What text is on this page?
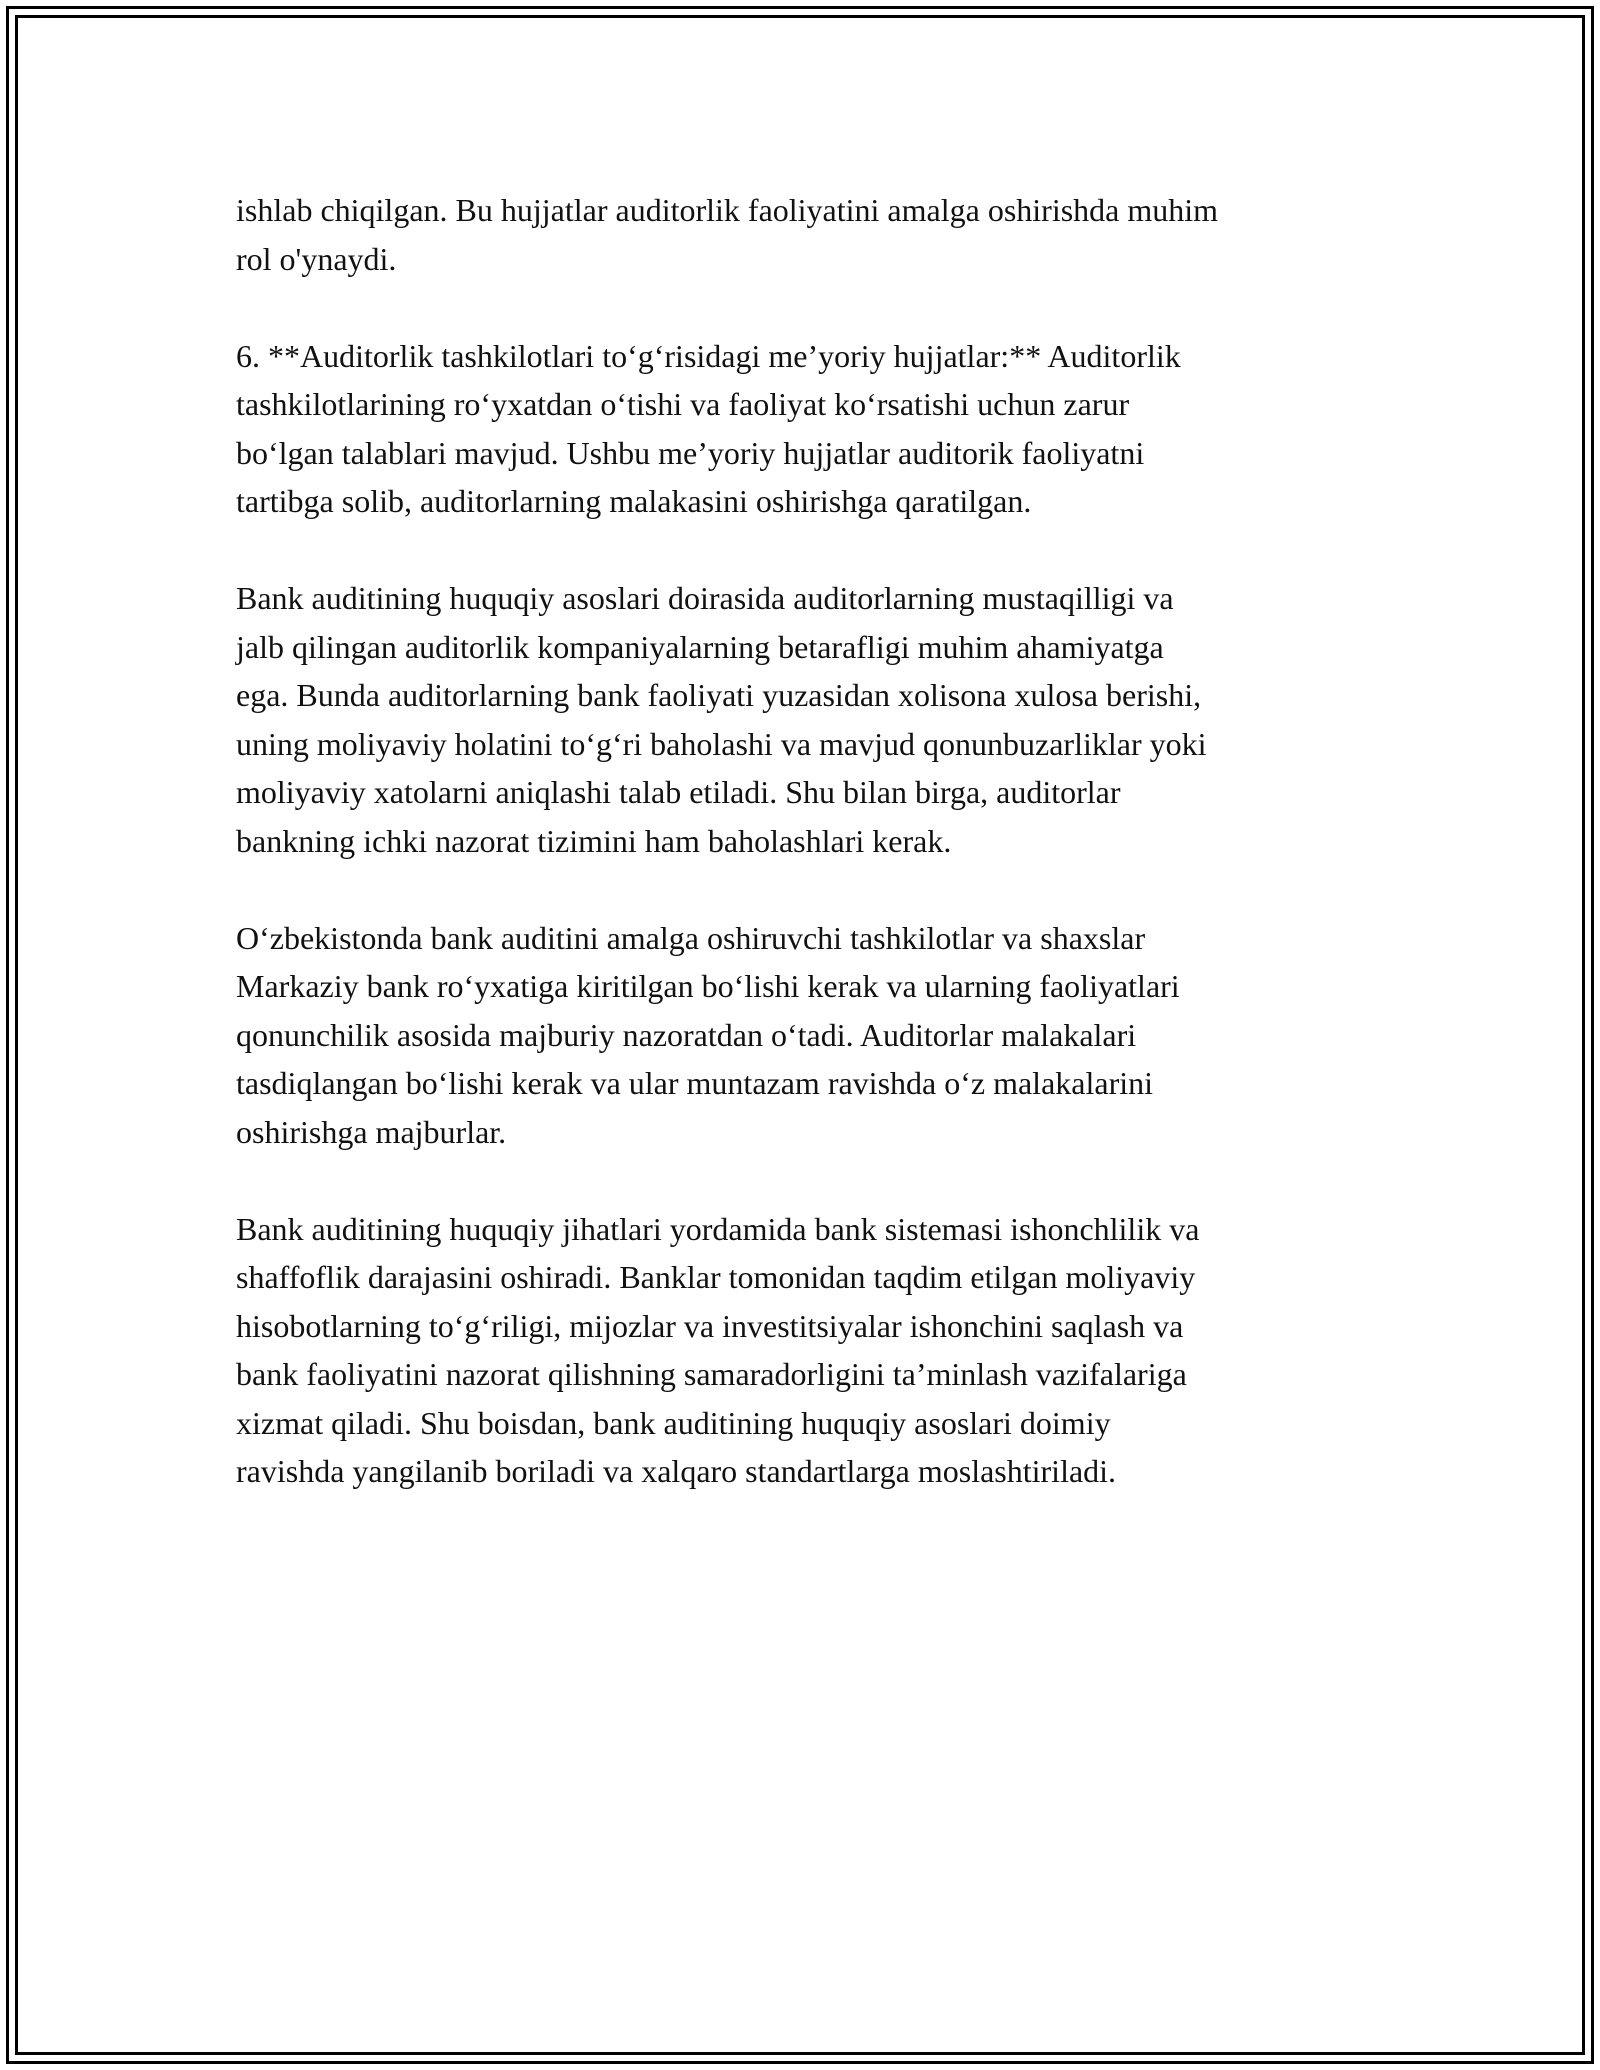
ishlab chiqilgan. Bu hujjatlar auditorlik faoliyatini amalga oshirishda muhim
rol o'ynaydi.

6. **Auditorlik tashkilotlari to‘g‘risidagi me’yoriy hujjatlar:** Auditorlik
tashkilotlarining ro‘yxatdan o‘tishi va faoliyat ko‘rsatishi uchun zarur
bo‘lgan talablari mavjud. Ushbu me’yoriy hujjatlar auditorik faoliyatni
tartibga solib, auditorlarning malakasini oshirishga qaratilgan.

Bank auditining huquqiy asoslari doirasida auditorlarning mustaqilligi va
jalb qilingan auditorlik kompaniyalarning betarafligi muhim ahamiyatga
ega. Bunda auditorlarning bank faoliyati yuzasidan xolisona xulosa berishi,
uning moliyaviy holatini to‘g‘ri baholashi va mavjud qonunbuzarliklar yoki
moliyaviy xatolarni aniqlashi talab etiladi. Shu bilan birga, auditorlar
bankning ichki nazorat tizimini ham baholashlari kerak.

O‘zbekistonda bank auditini amalga oshiruvchi tashkilotlar va shaxslar
Markaziy bank ro‘yxatiga kiritilgan bo‘lishi kerak va ularning faoliyatlari
qonunchilik asosida majburiy nazoratdan o‘tadi. Auditorlar malakalari
tasdiqlangan bo‘lishi kerak va ular muntazam ravishda o‘z malakalarini
oshirishga majburlar.

Bank auditining huquqiy jihatlari yordamida bank sistemasi ishonchlilik va
shaffoflik darajasini oshiradi. Banklar tomonidan taqdim etilgan moliyaviy
hisobotlarning to‘g‘riligi, mijozlar va investitsiyalar ishonchini saqlash va
bank faoliyatini nazorat qilishning samaradorligini ta’minlash vazifalariga
xizmat qiladi. Shu boisdan, bank auditining huquqiy asoslari doimiy
ravishda yangilanib boriladi va xalqaro standartlarga moslashtiriladi.
